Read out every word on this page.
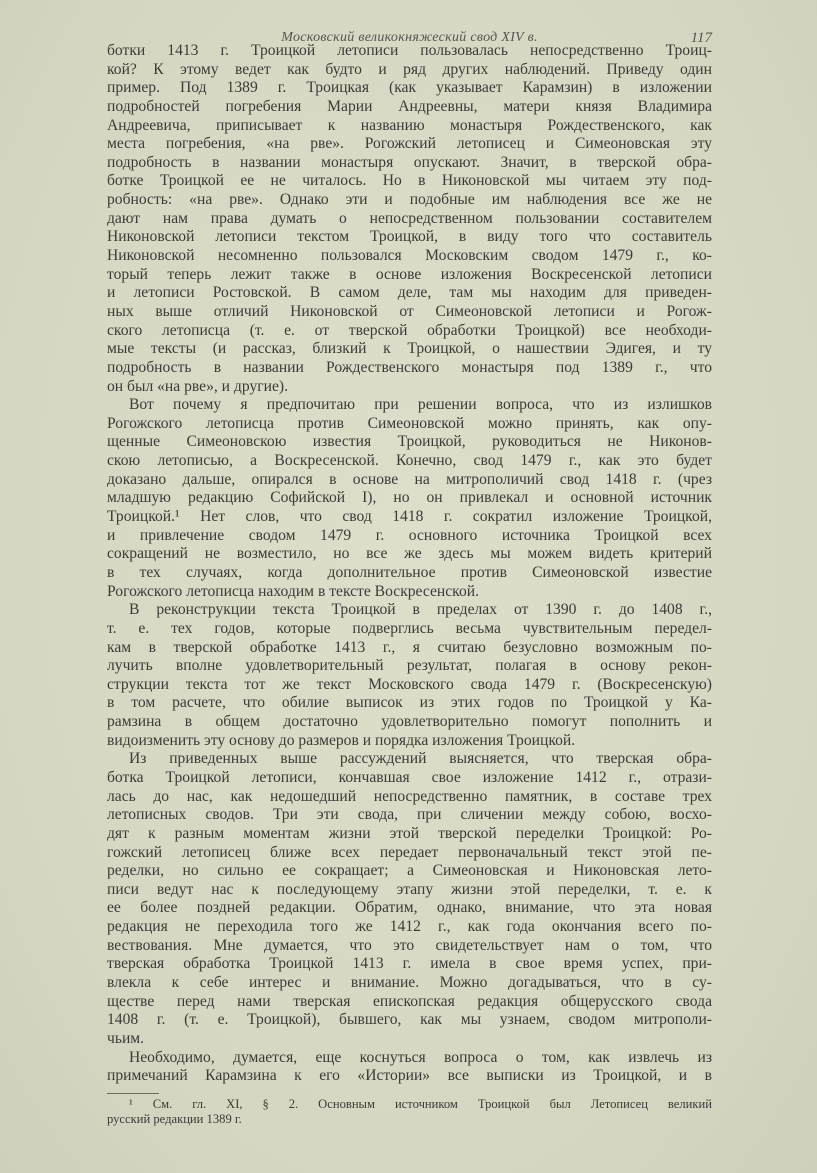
Московский великокняжеский свод XIV в.	117
ботки 1413 г. Троицкой летописи пользовалась непосредственно Троиц-
кой? К этому ведет как будто и ряд других наблюдений. Приведу один
пример. Под 1389 г. Троицкая (как указывает Карамзин) в изложении
подробностей погребения Марии Андреевны, матери князя Владимира
Андреевича, приписывает к названию монастыря Рождественского, как
места погребения, «на рве». Рогожский летописец и Симеоновская эту
подробность в названии монастыря опускают. Значит, в тверской обра-
ботке Троицкой ее не читалось. Но в Никоновской мы читаем эту под-
робность: «на рве». Однако эти и подобные им наблюдения все же не
дают нам права думать о непосредственном пользовании составителем
Никоновской летописи текстом Троицкой, в виду того что составитель
Никоновской несомненно пользовался Московским сводом 1479 г., ко-
торый теперь лежит также в основе изложения Воскресенской летописи
и летописи Ростовской. В самом деле, там мы находим для приведен-
ных выше отличий Никоновской от Симеоновской летописи и Рогож-
ского летописца (т. е. от тверской обработки Троицкой) все необходи-
мые тексты (и рассказ, близкий к Троицкой, о нашествии Эдигея, и ту
подробность в названии Рождественского монастыря под 1389 г., что
он был «на рве», и другие).
Вот почему я предпочитаю при решении вопроса, что из излишков
Рогожского летописца против Симеоновской можно принять, как опу-
щенные Симеоновскою известия Троицкой, руководиться не Никонов-
скою летописью, а Воскресенской. Конечно, свод 1479 г., как это будет
доказано дальше, опирался в основе на митрополичий свод 1418 г. (чрез
младшую редакцию Софийской I), но он привлекал и основной источник
Троицкой.¹ Нет слов, что свод 1418 г. сократил изложение Троицкой,
и привлечение сводом 1479 г. основного источника Троицкой всех
сокращений не возместило, но все же здесь мы можем видеть критерий
в тех случаях, когда дополнительное против Симеоновской известие
Рогожского летописца находим в тексте Воскресенской.
В реконструкции текста Троицкой в пределах от 1390 г. до 1408 г.,
т. е. тех годов, которые подверглись весьма чувствительным передел-
кам в тверской обработке 1413 г., я считаю безусловно возможным по-
лучить вполне удовлетворительный результат, полагая в основу рекон-
струкции текста тот же текст Московского свода 1479 г. (Воскресенскую)
в том расчете, что обилие выписок из этих годов по Троицкой у Ка-
рамзина в общем достаточно удовлетворительно помогут пополнить и
видоизменить эту основу до размеров и порядка изложения Троицкой.
Из приведенных выше рассуждений выясняется, что тверская обра-
ботка Троицкой летописи, кончавшая свое изложение 1412 г., отрази-
лась до нас, как недошедший непосредственно памятник, в составе трех
летописных сводов. Три эти свода, при сличении между собою, восхо-
дят к разным моментам жизни этой тверской переделки Троицкой: Ро-
гожский летописец ближе всех передает первоначальный текст этой пе-
ределки, но сильно ее сокращает; а Симеоновская и Никоновская лето-
писи ведут нас к последующему этапу жизни этой переделки, т. е. к
ее более поздней редакции. Обратим, однако, внимание, что эта новая
редакция не переходила того же 1412 г., как года окончания всего по-
вествования. Мне думается, что это свидетельствует нам о том, что
тверская обработка Троицкой 1413 г. имела в свое время успех, при-
влекла к себе интерес и внимание. Можно догадываться, что в су-
ществе перед нами тверская епископская редакция общерусского свода
1408 г. (т. е. Троицкой), бывшего, как мы узнаем, сводом митрополи-
чьим.
Необходимо, думается, еще коснуться вопроса о том, как извлечь из
примечаний Карамзина к его «Истории» все выписки из Троицкой, и в
¹ См. гл. XI, § 2. Основным источником Троицкой был Летописец великий
русский редакции 1389 г.
